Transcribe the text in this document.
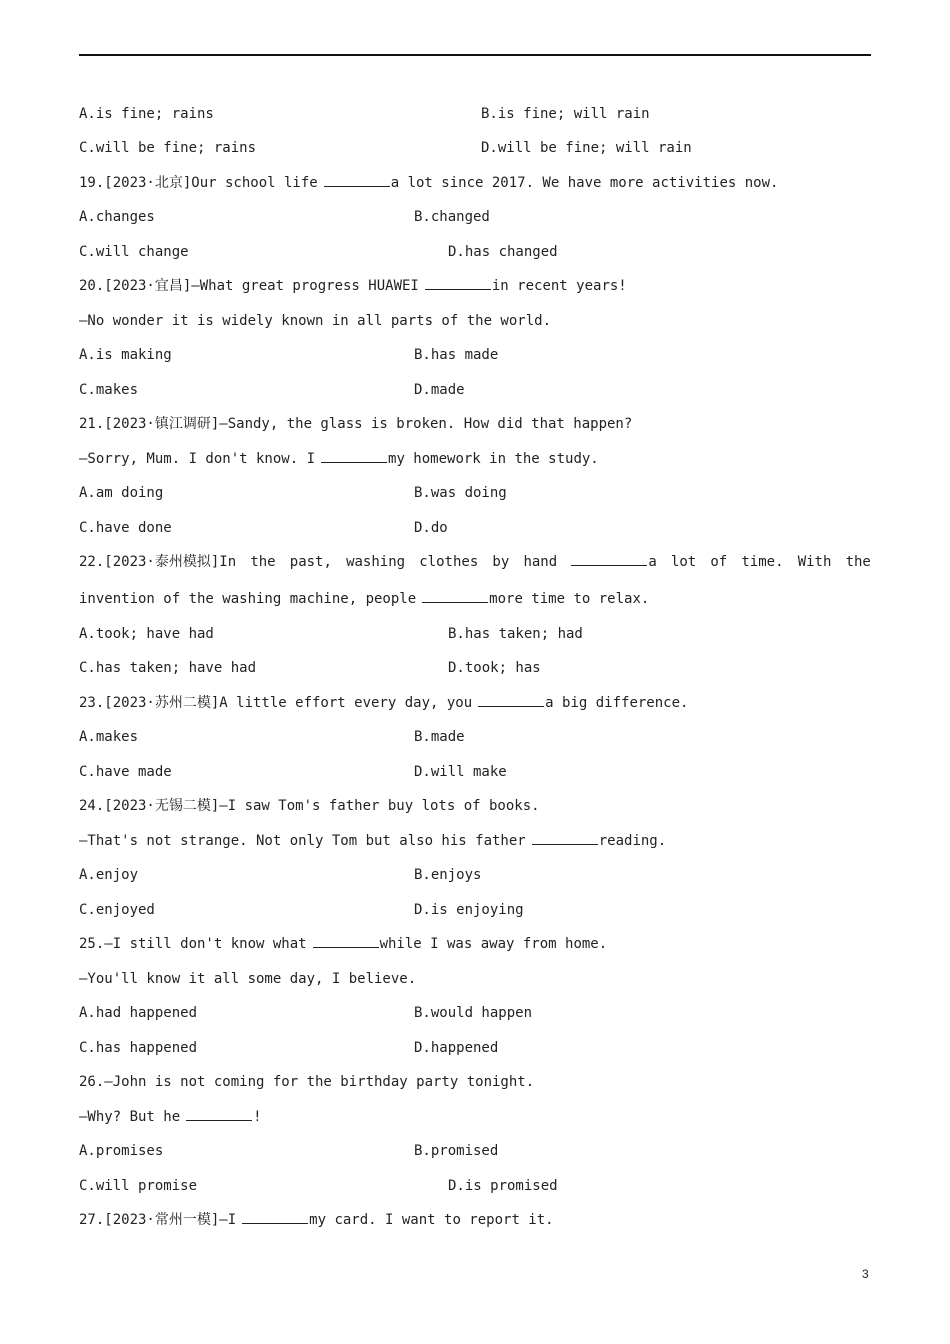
A.is fine; rains	B.is fine; will rain
C.will be fine; rains	D.will be fine; will rain
19.[2023·北京]Our school life	a lot since 2017. We have more activities now.
A.changes	B.changed
C.will change	D.has changed
20.[2023·宜昌]—What great progress HUAWEI	in recent years!
—No wonder it is widely known in all parts of the world.
A.is making	B.has made
C.makes	D.made
21.[2023·镇江调研]—Sandy, the glass is broken. How did that happen?
—Sorry, Mum. I don't know. I	my homework in the study.
A.am doing	B.was doing
C.have done	D.do
22.[2023·泰州模拟]In the past, washing clothes by hand	a lot of time. With the
invention of the washing machine, people	more time to relax.
A.took; have had	B.has taken; had
C.has taken; have had	D.took; has
23.[2023·苏州二模]A little effort every day, you	a big difference.
A.makes	B.made
C.have made	D.will make
24.[2023·无锡二模]—I saw Tom's father buy lots of books.
—That's not strange. Not only Tom but also his father	reading.
A.enjoy	B.enjoys
C.enjoyed	D.is enjoying
25.—I still don't know what	while I was away from home.
—You'll know it all some day, I believe.
A.had happened	B.would happen
C.has happened	D.happened
26.—John is not coming for the birthday party tonight.
—Why? But he	!
A.promises	B.promised
C.will promise	D.is promised
27.[2023·常州一模]—I	my card. I want to report it.
3
